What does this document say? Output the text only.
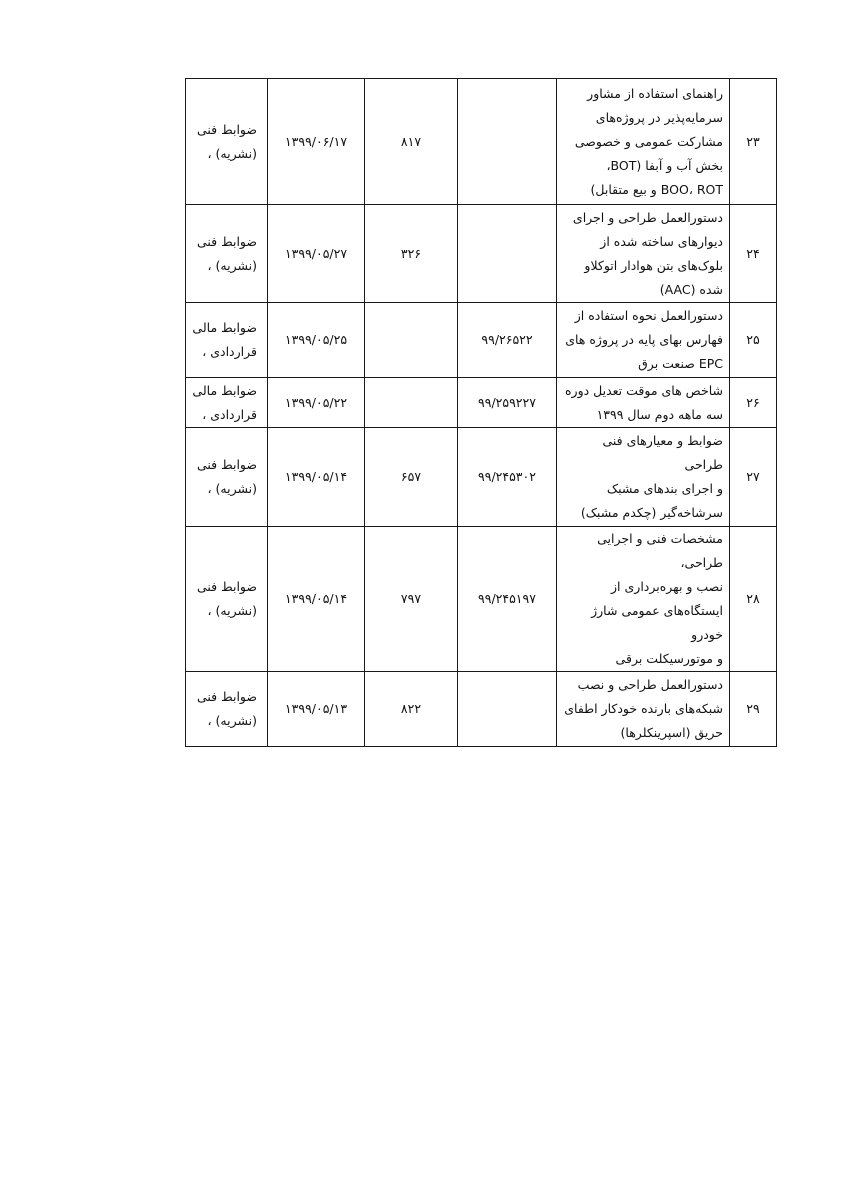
۲۳	راهنمای استفاده از مشاور
سرمایه‌پذیر در پروژه‌های
مشارکت عمومی و خصوصی
بخش آب و آبفا (BOT،
BOO، ROT و بیع متقابل)		۸۱۷	۱۳۹۹/۰۶/۱۷	ضوابط فنی
(نشریه) ،

۲۴	دستورالعمل طراحی و اجرای
دیوارهای ساخته شده از
بلوک‌های بتن هوادار اتوکلاو
شده (AAC)		۳۲۶	۱۳۹۹/۰۵/۲۷	ضوابط فنی
(نشریه) ،

۲۵	دستورالعمل نحوه استفاده از
فهارس بهای پایه در پروژه های
EPC صنعت برق	۹۹/۲۶۵۲۲		۱۳۹۹/۰۵/۲۵	ضوابط مالی
قراردادی ،

۲۶	شاخص های موقت تعدیل دوره
سه ماهه دوم سال ۱۳۹۹	۹۹/۲۵۹۲۲۷		۱۳۹۹/۰۵/۲۲	ضوابط مالی
قراردادی ،

۲۷	ضوابط و معیارهای فنی طراحی
و اجرای بندهای مشبک
سرشاخه‌گیر (چکدم مشبک)	۹۹/۲۴۵۳۰۲	۶۵۷	۱۳۹۹/۰۵/۱۴	ضوابط فنی
(نشریه) ،

۲۸	مشخصات فنی و اجرایی طراحی،
نصب و بهره‌برداری از
ایستگاه‌های عمومی شارژ خودرو
و موتورسیکلت برقی	۹۹/۲۴۵۱۹۷	۷۹۷	۱۳۹۹/۰۵/۱۴	ضوابط فنی
(نشریه) ،

۲۹	دستورالعمل طراحی و نصب
شبکه‌های بارنده خودکار اطفای
حریق (اسپرینکلرها)		۸۲۲	۱۳۹۹/۰۵/۱۳	ضوابط فنی
(نشریه) ،
